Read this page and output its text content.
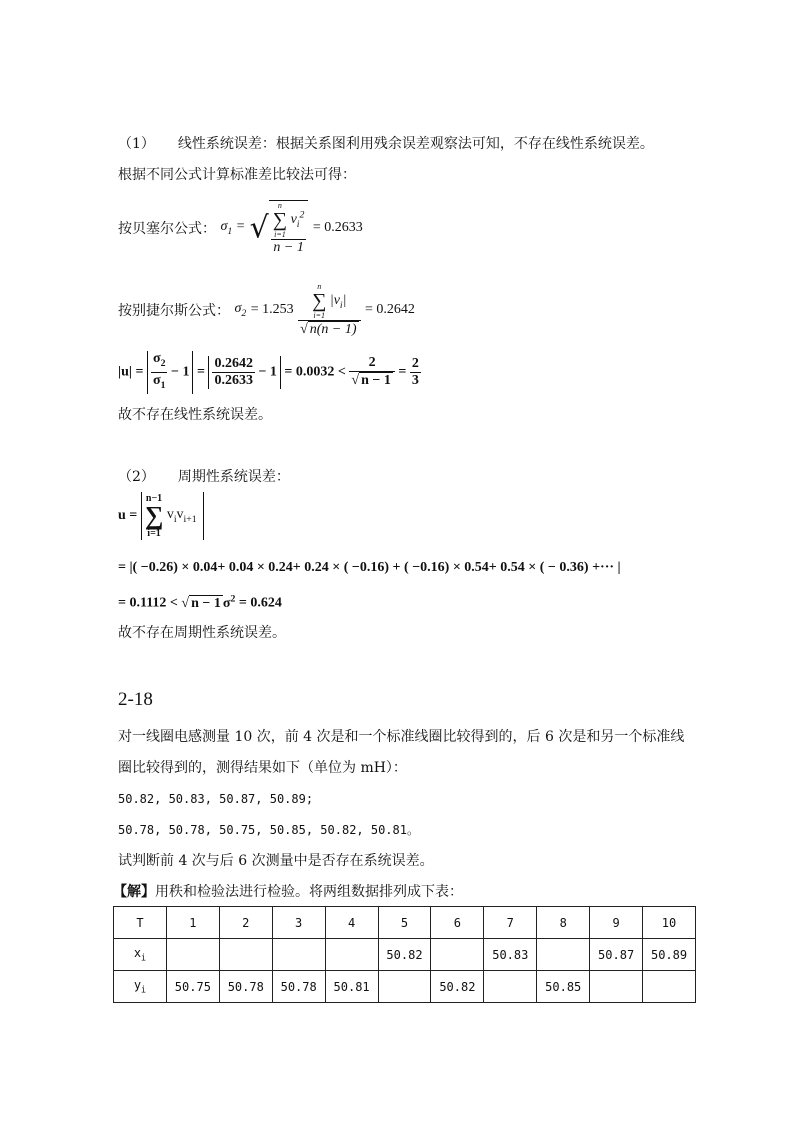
（1） 线性系统误差：根据关系图利用残余误差观察法可知，不存在线性系统误差。
根据不同公式计算标准差比较法可得：
按贝塞尔公式： $\sigma_1$ = √ n
∑
i=1
$v_i^2$
n − 1 = 0.2633
按别捷尔斯公式： $\sigma_2 = 1.253$ n
∑
i=1
$|v_i|$
√ n(n − 1) = 0.2642
$|u| = \frac{\sigma_2}{\sigma_1} - 1 = \frac{0.2642}{0.2633} - 1 = 0.0032 < \frac{2}{√ n - 1} = \frac{2}{3}$
故不存在线性系统误差。
（2） 周期性系统误差：
u =
n−1
∑
i=1
$v_iv_{i+1}$
= |( −0.26) × 0.04+ 0.04 × 0.24+ 0.24 × ( −0.16) + ( −0.16) × 0.54+ 0.54 × ( − 0.36) +··· |
= 0.1112 < √ n − 1 $\sigma^2 = 0.624$
故不存在周期性系统误差。
2-18
对一线圈电感测量 10 次，前 4 次是和一个标准线圈比较得到的，后 6 次是和另一个标准线
圈比较得到的，测得结果如下（单位为 mH）：
50.82, 50.83, 50.87, 50.89;
50.78, 50.78, 50.75, 50.85, 50.82, 50.81。
试判断前 4 次与后 6 次测量中是否存在系统误差。
【解】用秩和检验法进行检验。将两组数据排列成下表：
T	1	2	3	4	5	6	7	8	9	10
$x_i$					50.82		50.83		50.87	50.89
$y_i$	50.75	50.78	50.78	50.81		50.82		50.85		
